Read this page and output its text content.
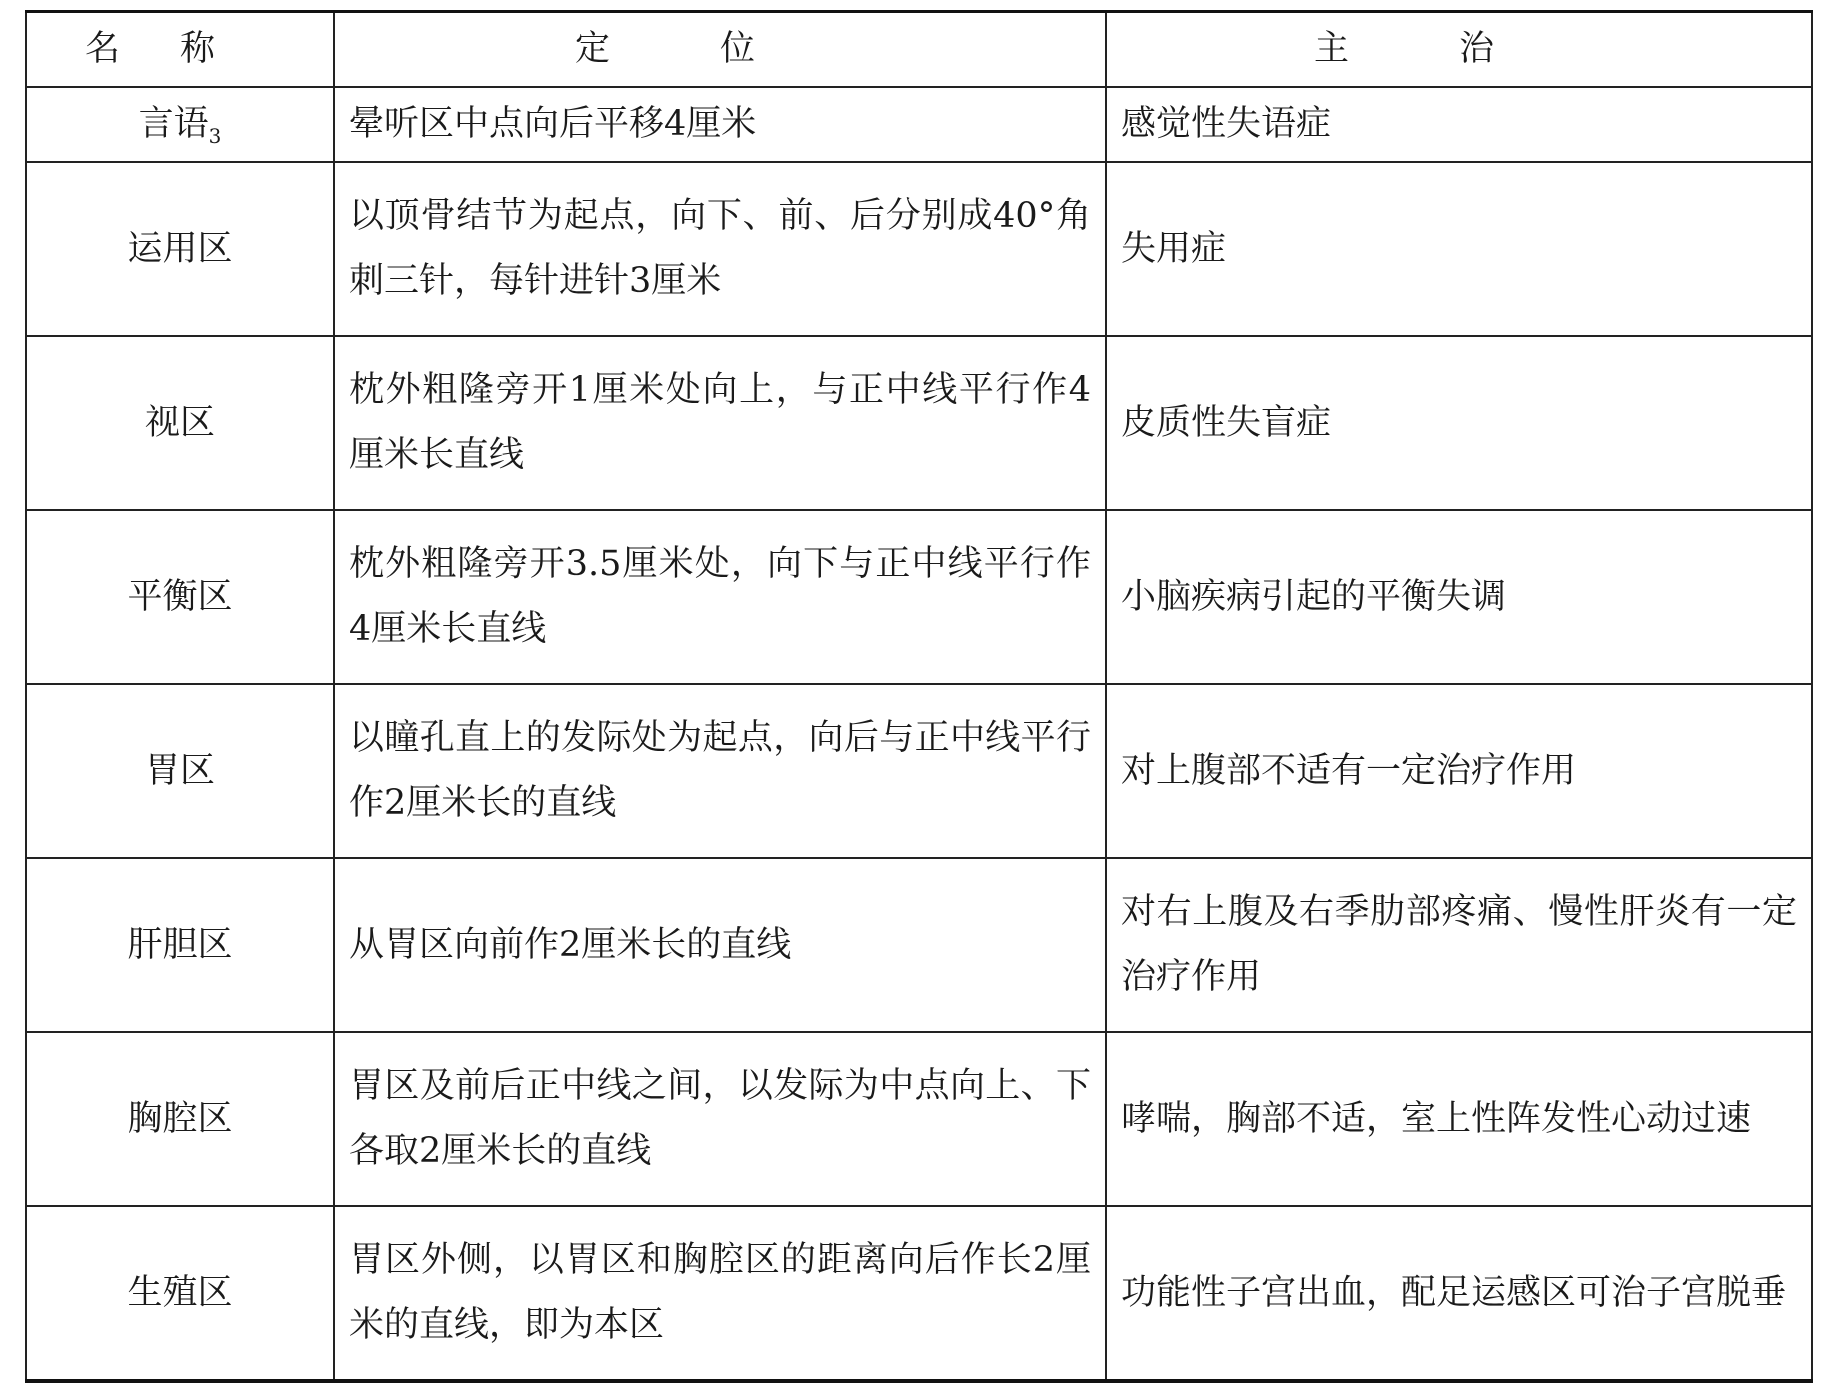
名称	定位	主治
言语$_3$	晕听区中点向后平移4厘米	感觉性失语症
运用区	以顶骨结节为起点，向下、前、后分别成40°角刺三针，每针进针3厘米	失用症
视区	枕外粗隆旁开1厘米处向上，与正中线平行作4厘米长直线	皮质性失盲症
平衡区	枕外粗隆旁开3.5厘米处，向下与正中线平行作4厘米长直线	小脑疾病引起的平衡失调
胃区	以瞳孔直上的发际处为起点，向后与正中线平行作2厘米长的直线	对上腹部不适有一定治疗作用
肝胆区	从胃区向前作2厘米长的直线	对右上腹及右季肋部疼痛、慢性肝炎有一定治疗作用
胸腔区	胃区及前后正中线之间，以发际为中点向上、下各取2厘米长的直线	哮喘，胸部不适，室上性阵发性心动过速
生殖区	胃区外侧，以胃区和胸腔区的距离向后作长2厘米的直线，即为本区	功能性子宫出血，配足运感区可治子宫脱垂
